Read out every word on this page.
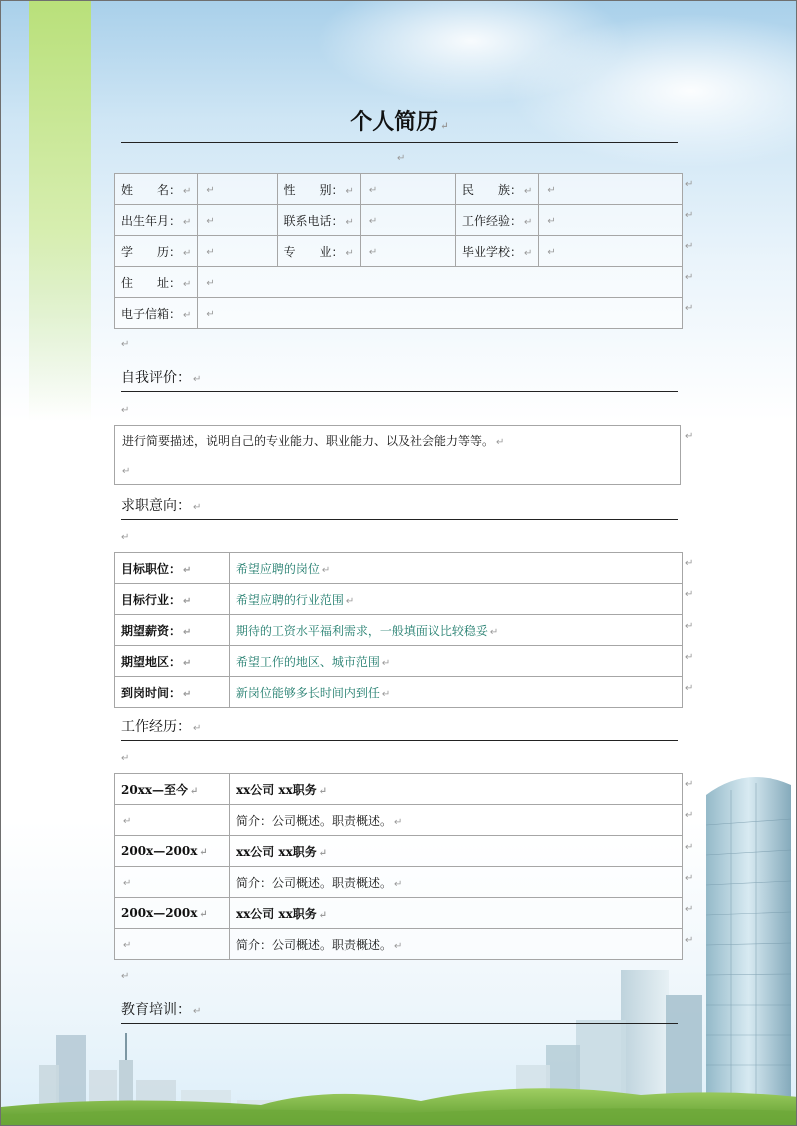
个人简历 ↵
↵
姓　　名： ↵	↵	性　　别： ↵	↵	民　　族： ↵	↵
出生年月： ↵	↵	联系电话： ↵	↵	工作经验： ↵	↵
学　　历： ↵	↵	专　　业： ↵	↵	毕业学校： ↵	↵
住　　址： ↵	↵				
电子信箱： ↵	↵				
↵
↵
↵
↵
↵
↵
自我评价： ↵
↵
进行简要描述，说明自己的专业能力、职业能力、以及社会能力等等。 ↵
↵
↵
求职意向： ↵
↵
目标职位： ↵	希望应聘的岗位 ↵
目标行业： ↵	希望应聘的行业范围 ↵
期望薪资： ↵	期待的工资水平福利需求，一般填面议比较稳妥 ↵
期望地区： ↵	希望工作的地区、城市范围 ↵
到岗时间： ↵	新岗位能够多长时间内到任 ↵
↵
↵
↵
↵
↵
工作经历： ↵
↵
20xx—至今 ↵	xx公司 xx职务 ↵
↵	简介：公司概述。职责概述。 ↵
200x—200x ↵	xx公司 xx职务 ↵
↵	简介：公司概述。职责概述。 ↵
200x—200x ↵	xx公司 xx职务 ↵
↵	简介：公司概述。职责概述。 ↵
↵
↵
↵
↵
↵
↵
↵
教育培训： ↵
